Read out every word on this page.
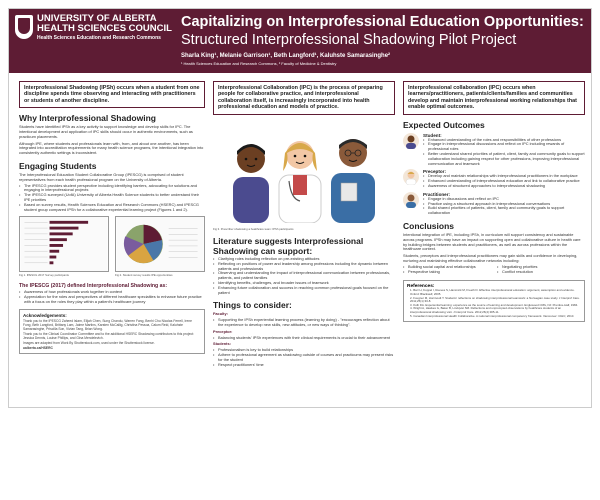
UNIVERSITY OF ALBERTA
HEALTH SCIENCES COUNCIL
Health Sciences Education and Research Commons
Capitalizing on Interprofessional Education Opportunities:
Structured Interprofessional Shadowing Pilot Project
Sharla King¹, Melanie Garrison¹, Beth Langford¹, Kaluhste Samarasinghe²
¹ Health Sciences Education and Research Commons, ² Faculty of Medicine & Dentistry
Interprofessional Shadowing (IPSh) occurs when a student from one discipline spends time observing and interacting with practitioners or students of another discipline.
Why Interprofessional Shadowing
Students have identified IPSh as a key activity to support knowledge and develop skills for IPC. The intentional development and application of IPC skills should occur in authentic environments, such as practicum placements.
Although IPE, where students and professionals learn with, from, and about one another, has been integrated into accreditation requirements for many health science programs, the intentional integration into consistently authentic settings is inconsistent.
Engaging Students
The Interprofessional Education Student Collaborative Group (IPESCG) is comprised of student representatives from each health professional program on the University of Alberta.
• The IPESCG provides student perspective including identifying barriers, advocating for solutions and engaging in interprofessional projects
• The IPESCG surveyed (UofA) University of Alberta Health Science students to better understand their IPE priorities
• Based on survey results, Health Sciences Education and Research Commons (HSERC) and IPESCG student group compared IPSh for a collaborative experiential learning project (Figures 1 and 2).
Fig 1. IPESCG 2017 Survey participants	Fig 2. Student survey results IPE opportunities
The IPESCG (2017) defined Interprofessional Shadowing as:
• Awareness of how professionals work together in context
• Appreciation for the roles and perspectives of different healthcare specialties to enhance future practice with a focus on the roles they play within a patient's healthcare journey
Acknowledgements:
Thank you to the IPESCG Zaheed Islam, Elijah Chen, Sung Chandu, Warren Fang, Benhi Chu Nicolas Ferrell, Irene Fung, Beth Langford, Brittany Lam, Jaime Martins, Karsten McCallig, Christina Pessoa, Calum Reid, Kaluhste Samarasinghe, Priscilla Son, Vivian Tang, Brian Wong.
Thank you to the Clinical Coordinator Committee and to the additional HSERC Shadowing contributors to this project: Jessica Dennis, Louise Phillips, and Gina Mendelevich.
Images are adapted from Work By Shutterstock.com, used under the Shutterstock license.
ualberta.ca/HSERC
Interprofessional Collaboration (IPC) is the process of preparing people for collaborative practice, and interprofessional collaboration itself, is increasingly incorporated into health professional education and models of practice.
Fig 3. Prescriber shadowing a healthcare team: IPSh participants
Literature suggests Interprofessional Shadowing can support:
• Clarifying roles including reflection on pre-existing attitudes
• Reflecting on positions of power and leadership among professions including the dynamic between patients and professionals
• Observing and understanding the impact of interprofessional communication between professionals, patients, and patient families
• Identifying benefits, challenges, and broader issues of teamwork
• Enhancing future collaboration and success in reaching common professional goals focused on the patient
Things to consider:
Faculty:
• Supporting the IPSh experiential learning process (learning by doing) - "encourages reflection about the experience to develop new skills, new attitudes, or new ways of thinking".
Preceptor:
• Balancing students' IPSh experiences with their clinical requirements is crucial to their advancement
Students:
• Professionalism is key to build relationships
• Adhere to professional agreement as shadowing outside of courses and practicums may present risks for the student
• Respect practitioners' time
Interprofessional collaboration (IPC) occurs when learners/practitioners, patients/clients/families and communities develop and maintain interprofessional working relationships that enable optimal outcomes.
Expected Outcomes
Student:
• Enhanced understanding of the roles and responsibilities of other professions
• Engage in interprofessional discussions and reflect on IPC including rewards of professional roles
• Better understand shared priorities of patient, client, family and community goals to support collaboration including gaining respect for other professions, improving interprofessional communication and teamwork
Preceptor:
• Develop and maintain relationships with interprofessional practitioners in the workplace
• Enhanced understanding of interprofessional education and link to collaborative practice
• Awareness of structured approaches to interprofessional shadowing
Practitioner:
• Engage in discussions and reflect on IPC
• Practice using a structured approach in interprofessional conversations
• Build shared priorities of patients, client, family and community goals to support collaboration
Conclusions
Intentional integration of IPE, including IPSh, in curriculum will support consistency and sustainable across programs. IPSh may have an impact on supporting open and collaborative culture in health care by building bridges between students and practitioners, as well as across professions within the healthcare context.
Students, preceptors and interprofessional practitioners may gain skills and confidence in developing, nurturing and maintaining effective collaborative networks including:
• Building social capital and relationships
• Perspective taking
• Negotiating priorities
• Conflict resolution
References:
1. Barr H, Koppel I, Reeves S, Hammick M, Freeth D. Effective interprofessional education: argument, assumption and evidence. Oxford: Blackwell; 2005.
2. Fougner M, Horntvedt T. Students' reflections on shadowing interprofessional teamwork: a Norwegian case study. J Interprof Care. 2011;25(1):33-8.
3. Kolb DA. Experiential learning: experience as the source of learning and development. Englewood Cliffs, NJ: Prentice-Hall; 1984.
4. Wright A, Hawkes G, Baker B, Lindqvist SM. Reflections and unprompted observations by healthcare students of an interprofessional shadowing visit. J Interprof Care. 2012;26(4):305-11.
5. Canadian Interprofessional Health Collaborative. A national interprofessional competency framework. Vancouver: CIHC; 2010.
